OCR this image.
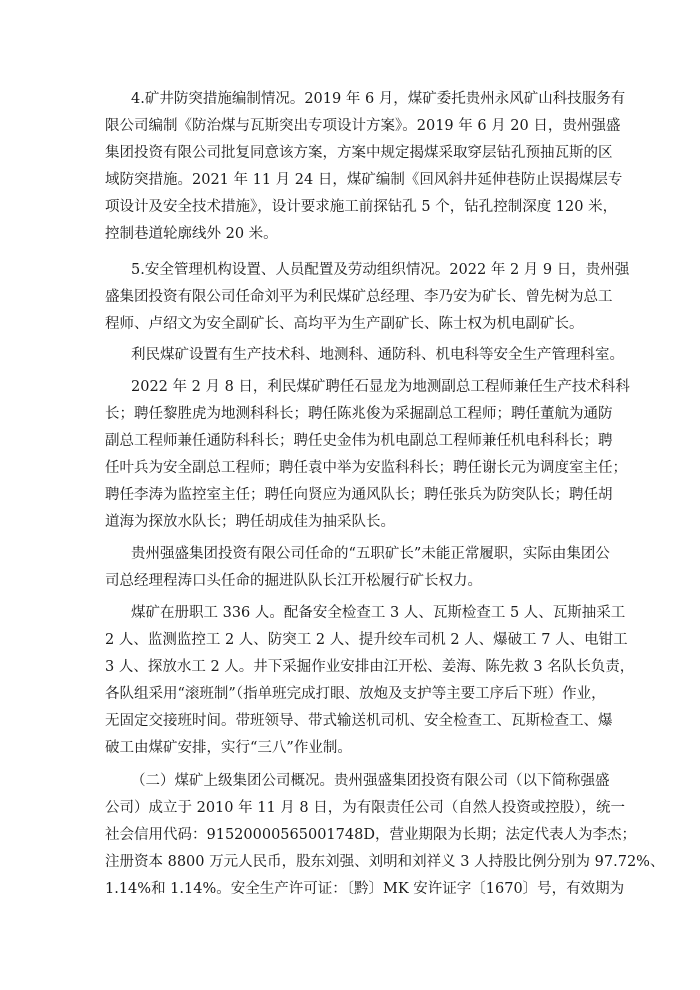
4.矿井防突措施编制情况。2019 年 6 月，煤矿委托贵州永风矿山科技服务有
限公司编制《防治煤与瓦斯突出专项设计方案》。2019 年 6 月 20 日，贵州强盛
集团投资有限公司批复同意该方案，方案中规定揭煤采取穿层钻孔预抽瓦斯的区
域防突措施。2021 年 11 月 24 日，煤矿编制《回风斜井延伸巷防止误揭煤层专
项设计及安全技术措施》，设计要求施工前探钻孔 5 个，钻孔控制深度 120 米，
控制巷道轮廓线外 20 米。
5.安全管理机构设置、人员配置及劳动组织情况。2022 年 2 月 9 日，贵州强
盛集团投资有限公司任命刘平为利民煤矿总经理、李乃安为矿长、曾先树为总工
程师、卢绍文为安全副矿长、高均平为生产副矿长、陈士权为机电副矿长。
利民煤矿设置有生产技术科、地测科、通防科、机电科等安全生产管理科室。
2022 年 2 月 8 日，利民煤矿聘任石显龙为地测副总工程师兼任生产技术科科
长；聘任黎胜虎为地测科科长；聘任陈兆俊为采掘副总工程师；聘任董航为通防
副总工程师兼任通防科科长；聘任史金伟为机电副总工程师兼任机电科科长；聘
任叶兵为安全副总工程师；聘任袁中举为安监科科长；聘任谢长元为调度室主任；
聘任李涛为监控室主任；聘任向贤应为通风队长；聘任张兵为防突队长；聘任胡
道海为探放水队长；聘任胡成佳为抽采队长。
贵州强盛集团投资有限公司任命的“五职矿长”未能正常履职，实际由集团公
司总经理程涛口头任命的掘进队队长江开松履行矿长权力。
煤矿在册职工 336 人。配备安全检查工 3 人、瓦斯检查工 5 人、瓦斯抽采工
2 人、监测监控工 2 人、防突工 2 人、提升绞车司机 2 人、爆破工 7 人、电钳工
3 人、探放水工 2 人。井下采掘作业安排由江开松、姜海、陈先救 3 名队长负责，
各队组采用“滚班制”（指单班完成打眼、放炮及支护等主要工序后下班）作业，
无固定交接班时间。带班领导、带式输送机司机、安全检查工、瓦斯检查工、爆
破工由煤矿安排，实行“三八”作业制。
（二）煤矿上级集团公司概况。贵州强盛集团投资有限公司（以下简称强盛
公司）成立于 2010 年 11 月 8 日，为有限责任公司（自然人投资或控股），统一
社会信用代码：91520000565001748D，营业期限为长期；法定代表人为李杰；
注册资本 8800 万元人民币，股东刘强、刘明和刘祥义 3 人持股比例分别为 97.72%、
1.14%和 1.14%。安全生产许可证：〔黔〕MK 安许证字〔1670〕号，有效期为
